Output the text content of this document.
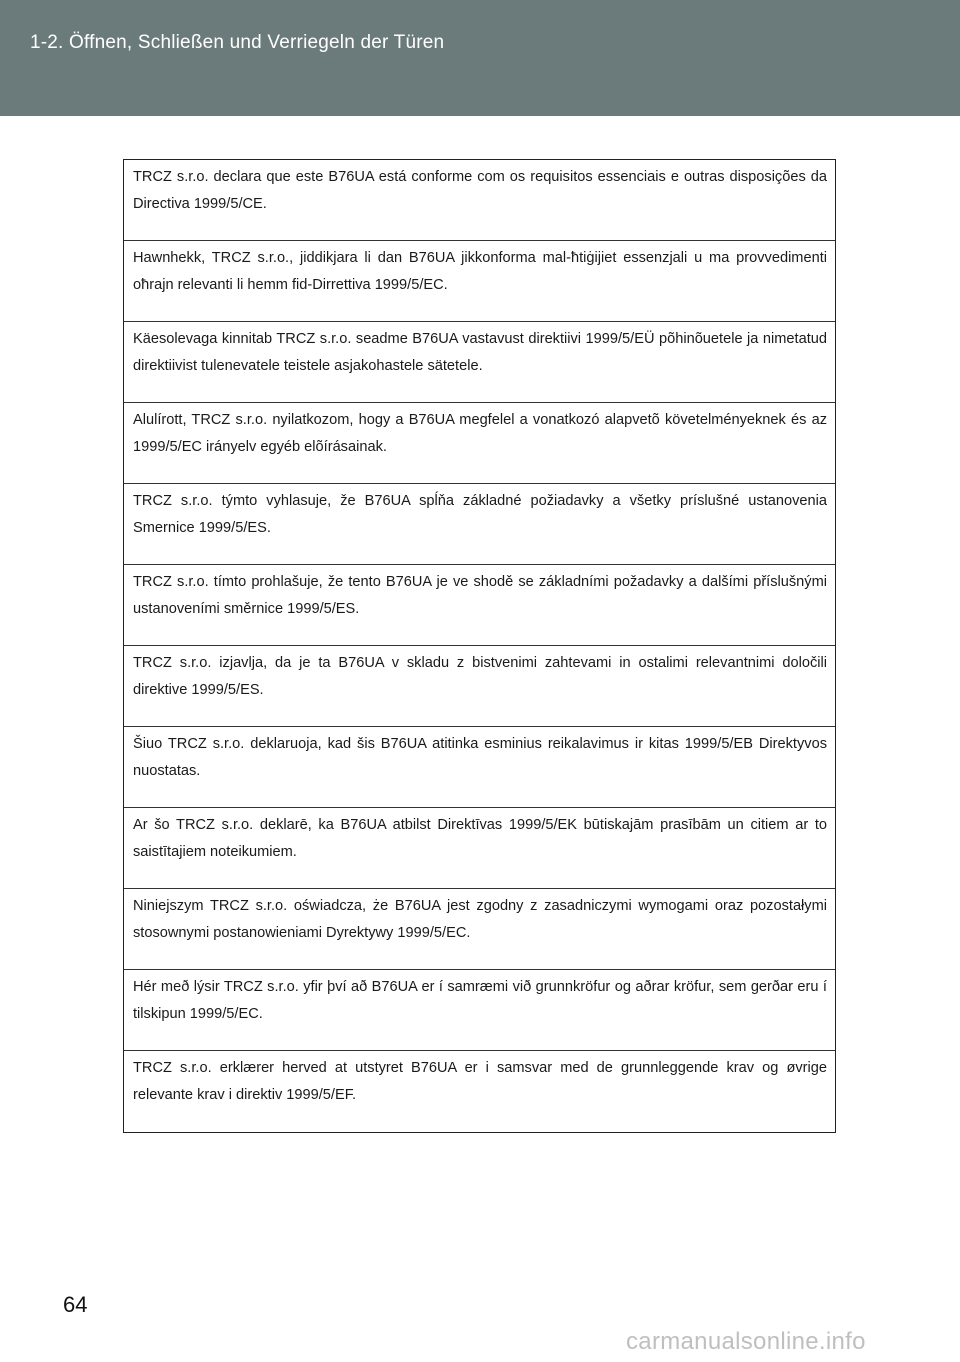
1-2. Öffnen, Schließen und Verriegeln der Türen
TRCZ s.r.o. declara que este B76UA está conforme com os requisitos essenciais e outras disposições da Directiva 1999/5/CE.
Hawnhekk, TRCZ s.r.o., jiddikjara li dan B76UA jikkonforma mal-ħtiġijiet essenzjali u ma provvedimenti oħrajn relevanti li hemm fid-Dirrettiva 1999/5/EC.
Käesolevaga kinnitab TRCZ s.r.o. seadme B76UA vastavust direktiivi 1999/5/EÜ põhinõuetele ja nimetatud direktiivist tulenevatele teistele asjakohastele sätetele.
Alulírott, TRCZ s.r.o. nyilatkozom, hogy a B76UA megfelel a vonatkozó alapvetõ követelményeknek és az 1999/5/EC irányelv egyéb elõírásainak.
TRCZ s.r.o. týmto vyhlasuje, že B76UA spĺňa základné požiadavky a všetky príslušné ustanovenia Smernice 1999/5/ES.
TRCZ s.r.o. tímto prohlašuje, že tento B76UA je ve shodě se základními požadavky a dalšími příslušnými ustanoveními směrnice 1999/5/ES.
TRCZ s.r.o. izjavlja, da je ta B76UA v skladu z bistvenimi zahtevami in ostalimi relevantnimi določili direktive 1999/5/ES.
Šiuo TRCZ s.r.o. deklaruoja, kad šis B76UA atitinka esminius reikalavimus ir kitas 1999/5/EB Direktyvos nuostatas.
Ar šo TRCZ s.r.o. deklarē, ka B76UA atbilst Direktīvas 1999/5/EK būtiskajām prasībām un citiem ar to saistītajiem noteikumiem.
Niniejszym TRCZ s.r.o. oświadcza, że B76UA jest zgodny z zasadniczymi wymogami oraz pozostałymi stosownymi postanowieniami Dyrektywy 1999/5/EC.
Hér með lýsir TRCZ s.r.o. yfir því að B76UA er í samræmi við grunnkröfur og aðrar kröfur, sem gerðar eru í tilskipun 1999/5/EC.
TRCZ s.r.o. erklærer herved at utstyret B76UA er i samsvar med de grunnleggende krav og øvrige relevante krav i direktiv 1999/5/EF.
64
carmanualsonline.info
